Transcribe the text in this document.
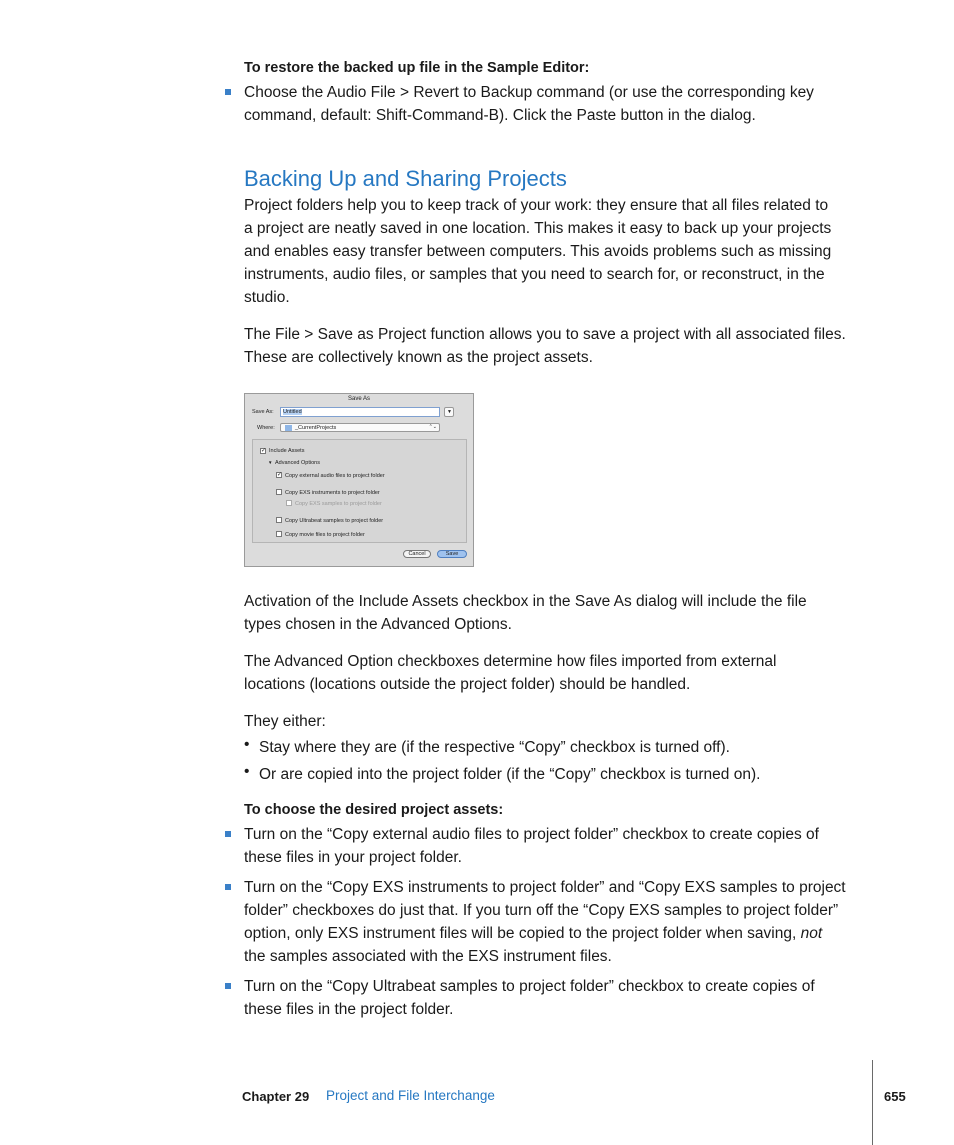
To restore the backed up file in the Sample Editor:
Choose the Audio File > Revert to Backup command (or use the corresponding key
command, default: Shift-Command-B). Click the Paste button in the dialog.
Backing Up and Sharing Projects
Project folders help you to keep track of your work: they ensure that all files related to
a project are neatly saved in one location. This makes it easy to back up your projects
and enables easy transfer between computers. This avoids problems such as missing
instruments, audio files, or samples that you need to search for, or reconstruct, in the
studio.
The File > Save as Project function allows you to save a project with all associated files.
These are collectively known as the project assets.
Save As
Save As: Untitled	▼
Where:	_CurrentProjects	⌃⌄
✓ Include Assets
▼ Advanced Options
✓ Copy external audio files to project folder
Copy EXS instruments to project folder
Copy EXS samples to project folder
Copy Ultrabeat samples to project folder
Copy movie files to project folder
Cancel	Save
Activation of the Include Assets checkbox in the Save As dialog will include the file
types chosen in the Advanced Options.
The Advanced Option checkboxes determine how files imported from external
locations (locations outside the project folder) should be handled.
They either:
• Stay where they are (if the respective “Copy” checkbox is turned off).
• Or are copied into the project folder (if the “Copy” checkbox is turned on).
To choose the desired project assets:
Turn on the “Copy external audio files to project folder” checkbox to create copies of
these files in your project folder.
Turn on the “Copy EXS instruments to project folder” and “Copy EXS samples to project
folder” checkboxes do just that. If you turn off the “Copy EXS samples to project folder”
option, only EXS instrument files will be copied to the project folder when saving, not
the samples associated with the EXS instrument files.
Turn on the “Copy Ultrabeat samples to project folder” checkbox to create copies of
these files in the project folder.
Chapter 29 Project and File Interchange	655
